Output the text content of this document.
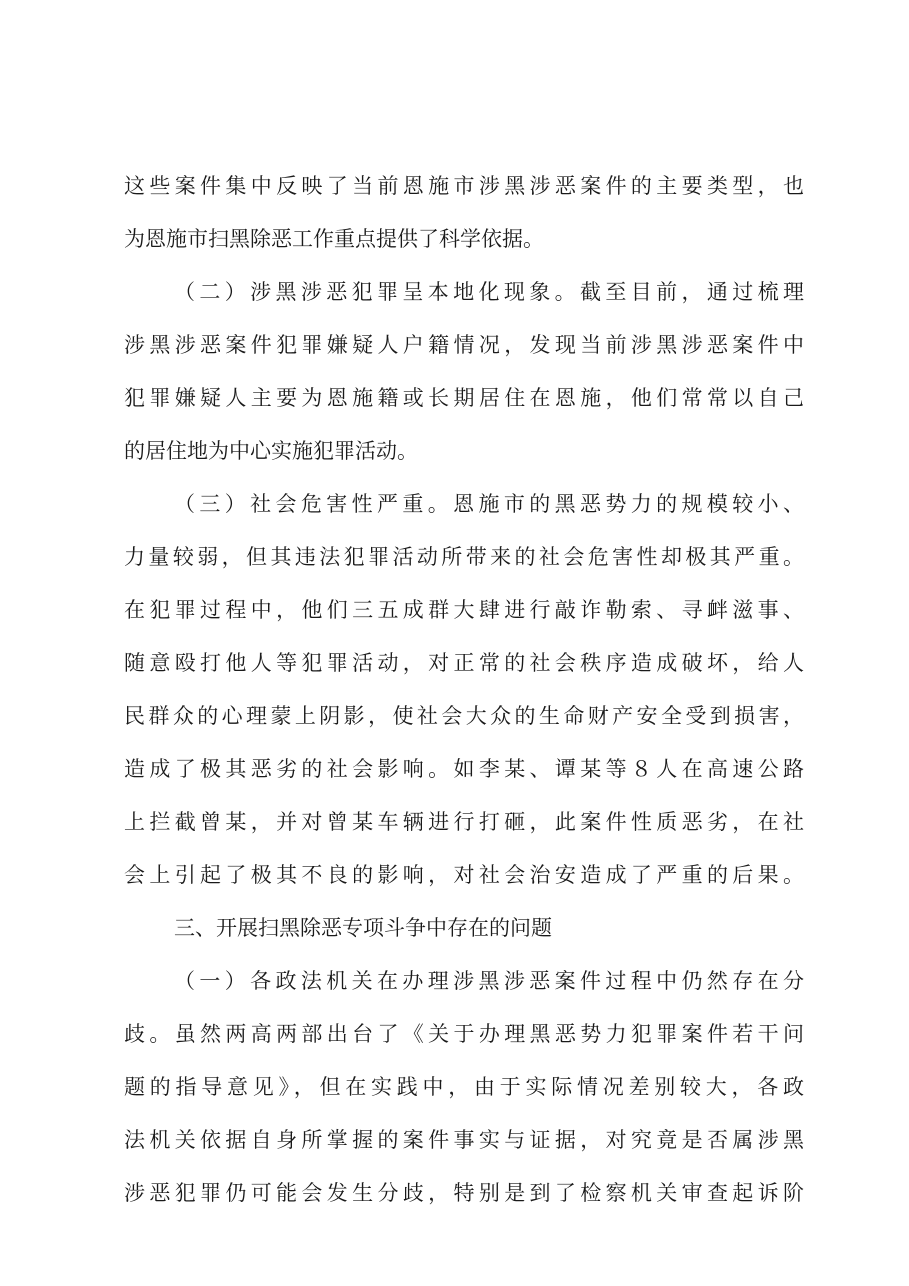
这些案件集中反映了当前恩施市涉黑涉恶案件的主要类型，也
为恩施市扫黑除恶工作重点提供了科学依据。
（二）涉黑涉恶犯罪呈本地化现象。截至目前，通过梳理
涉黑涉恶案件犯罪嫌疑人户籍情况，发现当前涉黑涉恶案件中
犯罪嫌疑人主要为恩施籍或长期居住在恩施，他们常常以自己
的居住地为中心实施犯罪活动。
（三）社会危害性严重。恩施市的黑恶势力的规模较小、
力量较弱，但其违法犯罪活动所带来的社会危害性却极其严重。
在犯罪过程中，他们三五成群大肆进行敲诈勒索、寻衅滋事、
随意殴打他人等犯罪活动，对正常的社会秩序造成破坏，给人
民群众的心理蒙上阴影，使社会大众的生命财产安全受到损害，
造成了极其恶劣的社会影响。如李某、谭某等８人在高速公路
上拦截曾某，并对曾某车辆进行打砸，此案件性质恶劣，在社
会上引起了极其不良的影响，对社会治安造成了严重的后果。
三、开展扫黑除恶专项斗争中存在的问题
（一）各政法机关在办理涉黑涉恶案件过程中仍然存在分
歧。虽然两高两部出台了《关于办理黑恶势力犯罪案件若干问
题的指导意见》，但在实践中，由于实际情况差别较大，各政
法机关依据自身所掌握的案件事实与证据，对究竟是否属涉黑
涉恶犯罪仍可能会发生分歧，特别是到了检察机关审查起诉阶
